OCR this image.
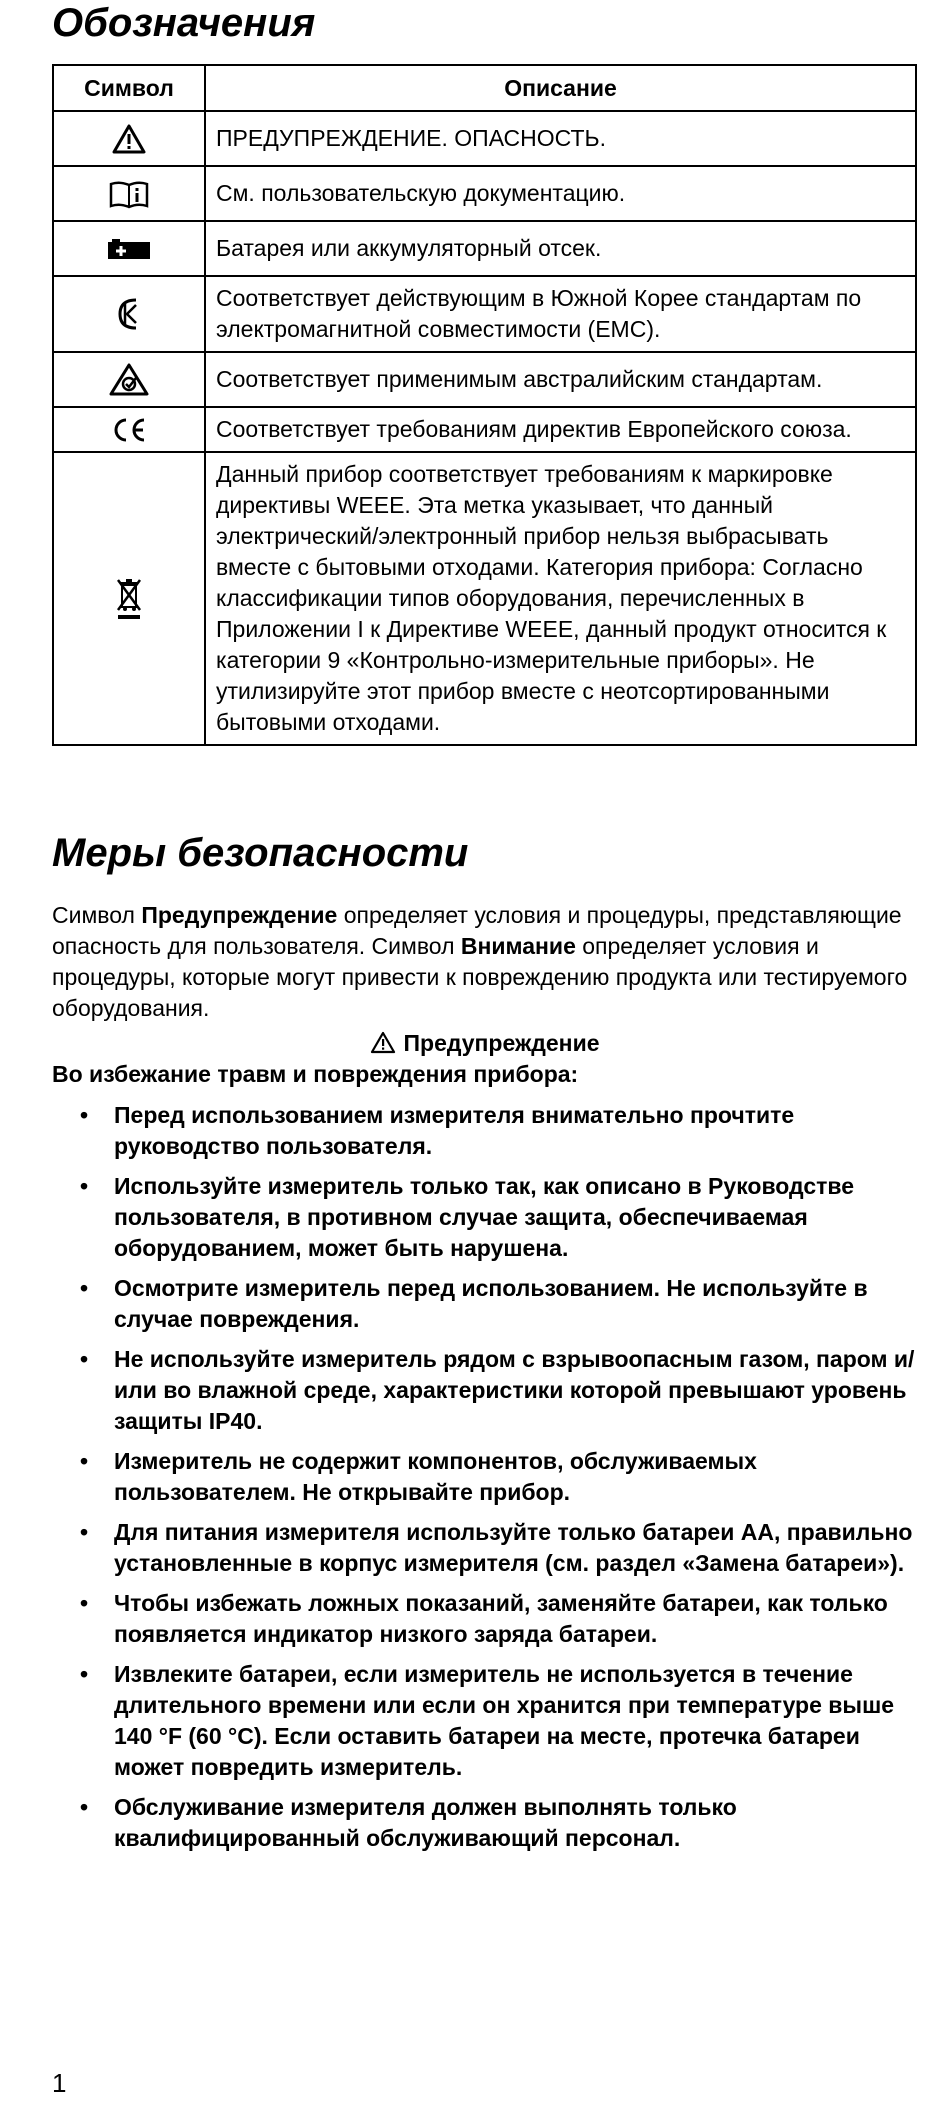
Обозначения
Символ	Описание

	ПРЕДУПРЕЖДЕНИЕ. ОПАСНОСТЬ.

	См. пользовательскую документацию.

	Батарея или аккумуляторный отсек.

	Соответствует действующим в Южной Корее стандартам по электромагнитной совместимости (EMC).

	Соответствует применимым австралийским стандартам.

	Соответствует требованиям директив Европейского союза.

	Данный прибор соответствует требованиям к маркировке директивы WEEE. Эта метка указывает, что данный электрический/электронный прибор нельзя выбрасывать вместе с бытовыми отходами. Категория прибора: Согласно классификации типов оборудования, перечисленных в Приложении I к Директиве WEEE, данный продукт относится к категории 9 «Контрольно-измерительные приборы». Не утилизируйте этот прибор вместе с неотсортированными бытовыми отходами.
Меры безопасности

Символ Предупреждение определяет условия и процедуры, представляющие опасность для пользователя. Символ Внимание определяет условия и процедуры, которые могут привести к повреждению продукта или тестируемого оборудования.

Предупреждение
Во избежание травм и повреждения прибора:
• Перед использованием измерителя внимательно прочтите руководство пользователя.
• Используйте измеритель только так, как описано в Руководстве пользователя, в противном случае защита, обеспечиваемая оборудованием, может быть нарушена.
• Осмотрите измеритель перед использованием. Не используйте в случае повреждения.
• Не используйте измеритель рядом с взрывоопасным газом, паром и/или во влажной среде, характеристики которой превышают уровень защиты IP40.
• Измеритель не содержит компонентов, обслуживаемых пользователем. Не открывайте прибор.
• Для питания измерителя используйте только батареи AA, правильно установленные в корпус измерителя (см. раздел «Замена батареи»).
• Чтобы избежать ложных показаний, заменяйте батареи, как только появляется индикатор низкого заряда батареи.
• Извлеките батареи, если измеритель не используется в течение длительного времени или если он хранится при температуре выше 140 °F (60 °C). Если оставить батареи на месте, протечка батареи может повредить измеритель.
• Обслуживание измерителя должен выполнять только квалифицированный обслуживающий персонал.
1
